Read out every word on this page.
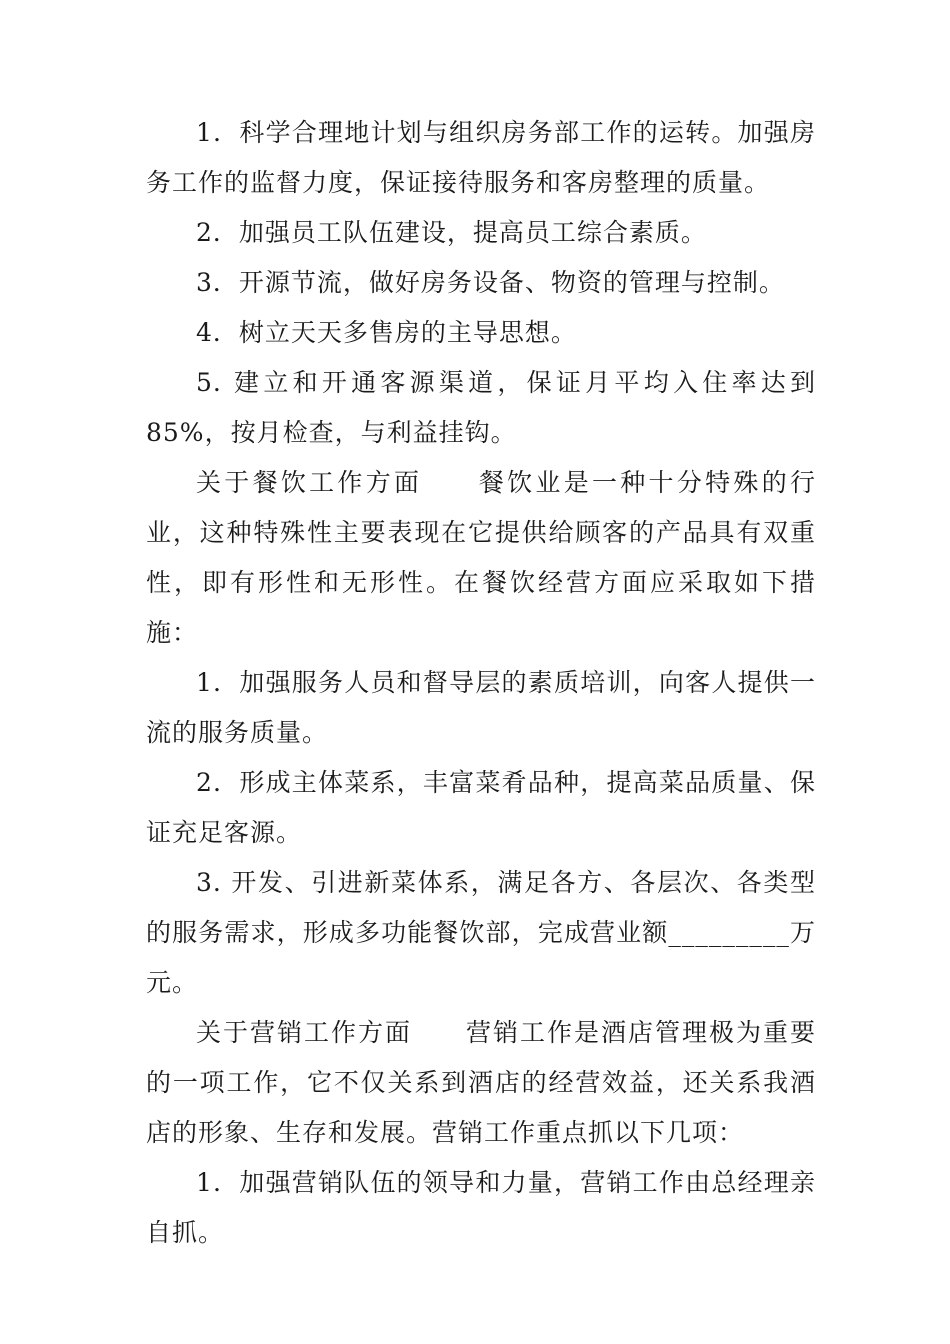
1．科学合理地计划与组织房务部工作的运转。加强房务工作的监督力度，保证接待服务和客房整理的质量。

2．加强员工队伍建设，提高员工综合素质。

3．开源节流，做好房务设备、物资的管理与控制。

4．树立天天多售房的主导思想。

5. 建立和开通客源渠道，保证月平均入住率达到 85%，按月检查，与利益挂钩。

关于餐饮工作方面　　餐饮业是一种十分特殊的行业，这种特殊性主要表现在它提供给顾客的产品具有双重性，即有形性和无形性。在餐饮经营方面应采取如下措施：

1．加强服务人员和督导层的素质培训，向客人提供一流的服务质量。

2．形成主体菜系，丰富菜肴品种，提高菜品质量、保证充足客源。

3. 开发、引进新菜体系，满足各方、各层次、各类型的服务需求，形成多功能餐饮部，完成营业额_________万元。

关于营销工作方面　　营销工作是酒店管理极为重要的一项工作，它不仅关系到酒店的经营效益，还关系我酒店的形象、生存和发展。营销工作重点抓以下几项：

1．加强营销队伍的领导和力量，营销工作由总经理亲自抓。
